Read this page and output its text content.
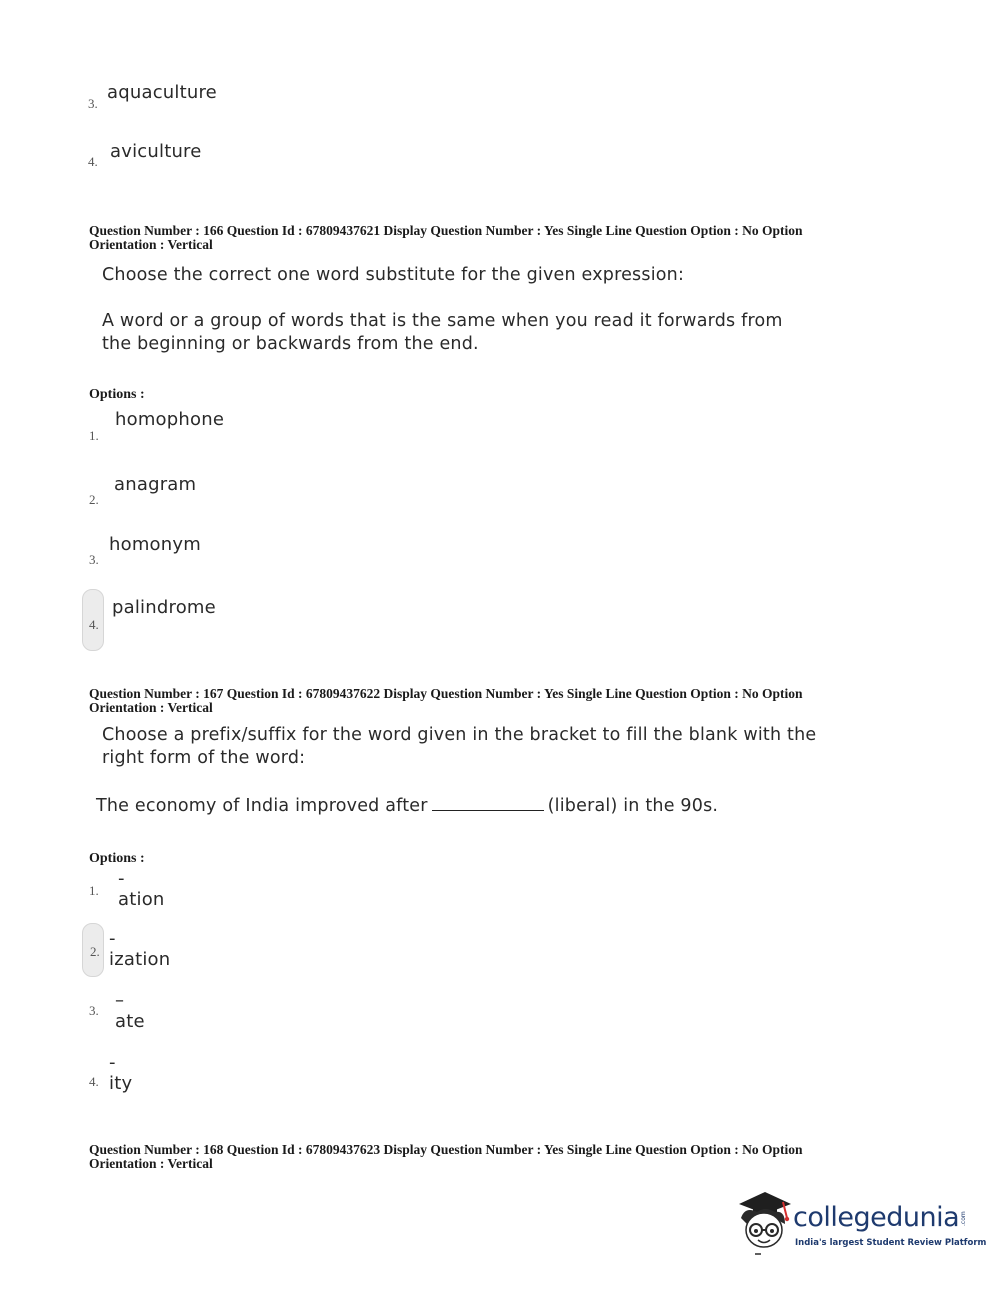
3.
aquaculture
4. aviculture
Question Number : 166 Question Id : 67809437621 Display Question Number : Yes Single Line Question Option : No Option
Orientation : Vertical
Choose the correct one word substitute for the given expression:
A word or a group of words that is the same when you read it forwards from
the beginning or backwards from the end.
Options :
1.
homophone
2.
anagram
3.
homonym
4.
palindrome
Question Number : 167 Question Id : 67809437622 Display Question Number : Yes Single Line Question Option : No Option
Orientation : Vertical
Choose a prefix/suffix for the word given in the bracket to fill the blank with the
right form of the word:
The economy of India improved after	(liberal) in the 90s.
Options :
1.
-ation
2.
-ization
3. –ate
4.
-ity
Question Number : 168 Question Id : 67809437623 Display Question Number : Yes Single Line Question Option : No Option
Orientation : Vertical
collegedunia.com
India's largest Student Review Platform
